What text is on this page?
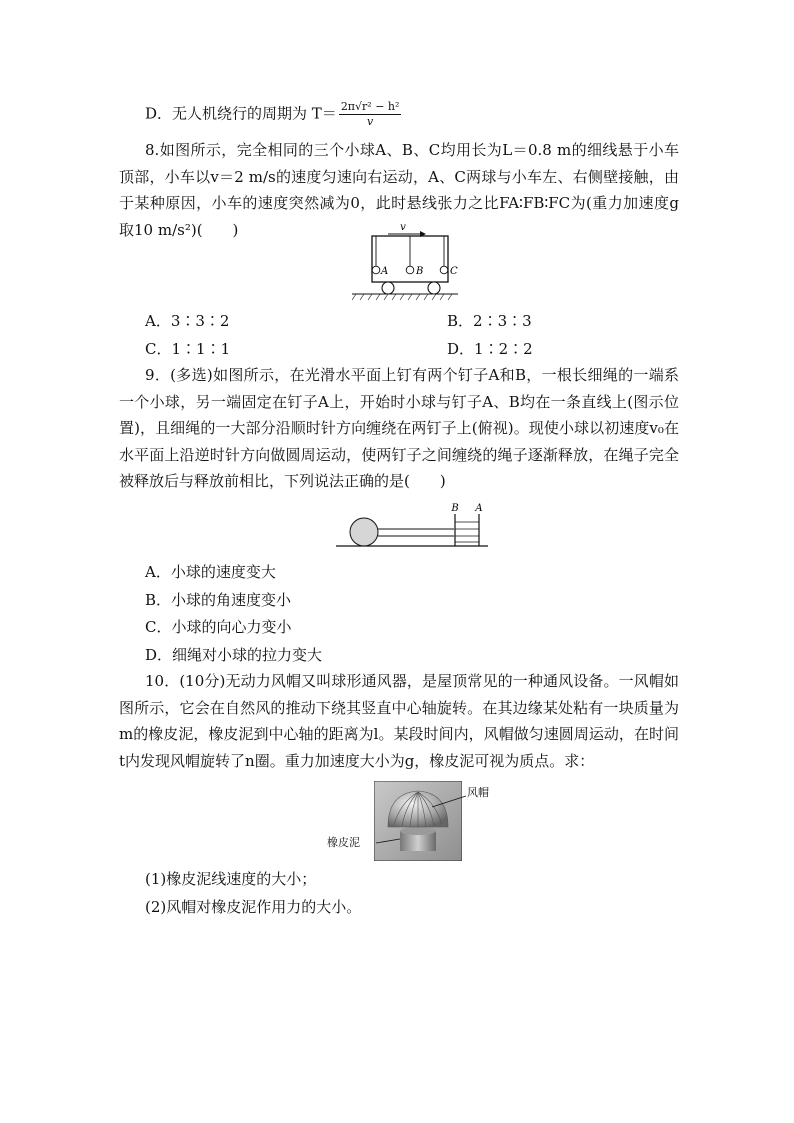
D．无人机绕行的周期为 $T= \frac{\text{2π√r² − h²}}{v}$
8.如图所示，完全相同的三个小球A、B、C均用长为L＝0.8 m的细线悬于小车顶部，小车以v＝2 m/s的速度匀速向右运动，A、C两球与小车左、右侧壁接触，由于某种原因，小车的速度突然减为0，此时悬线张力之比FA∶FB∶FC为(重力加速度g取10 m/s²)(　　)	v
A	B	C
A．3∶3∶2	B．2∶3∶3
C．1∶1∶1	D．1∶2∶2
9．(多选)如图所示，在光滑水平面上钉有两个钉子A和B，一根长细绳的一端系一个小球，另一端固定在钉子A上，开始时小球与钉子A、B均在一条直线上(图示位置)，且细绳的一大部分沿顺时针方向缠绕在两钉子上(俯视)。现使小球以初速度v₀在水平面上沿逆时针方向做圆周运动，使两钉子之间缠绕的绳子逐渐释放，在绳子完全被释放后与释放前相比，下列说法正确的是(　　)
B A
A．小球的速度变大
B．小球的角速度变小
C．小球的向心力变小
D．细绳对小球的拉力变大
10．(10分)无动力风帽又叫球形通风器，是屋顶常见的一种通风设备。一风帽如图所示，它会在自然风的推动下绕其竖直中心轴旋转。在其边缘某处粘有一块质量为m的橡皮泥，橡皮泥到中心轴的距离为l。某段时间内，风帽做匀速圆周运动，在时间t内发现风帽旋转了n圈。重力加速度大小为g，橡皮泥可视为质点。求：
风帽
橡皮泥
(1)橡皮泥线速度的大小；
(2)风帽对橡皮泥作用力的大小。
